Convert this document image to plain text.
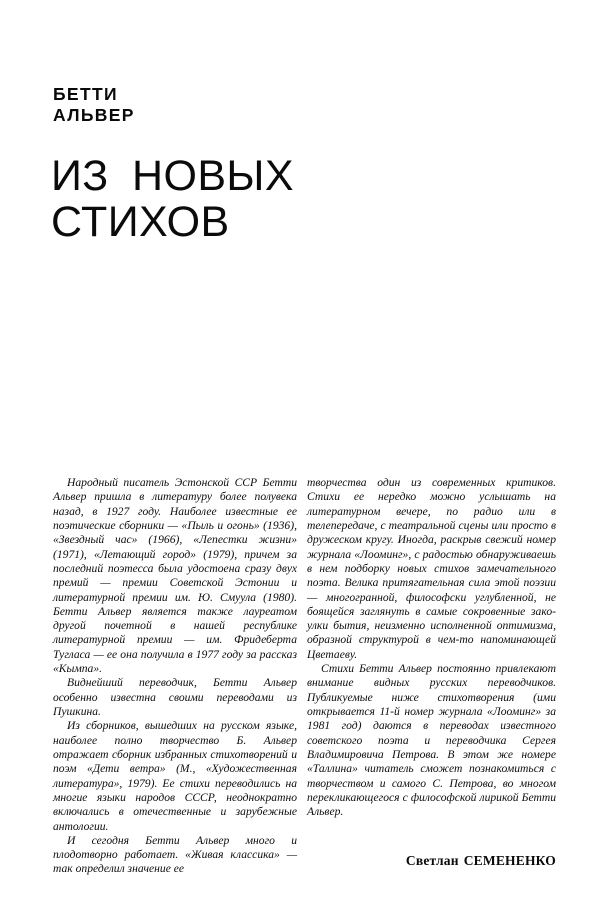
БЕТТИ
АЛЬВЕР
ИЗ НОВЫХ
СТИХОВ

Народный писатель Эстонской ССР Бетти Альвер пришла в литературу более полувека назад, в 1927 году. Наиболее известные ее поэтические сборники — «Пыль и огонь» (1936), «Звездный час» (1966), «Лепестки жизни» (1971), «Летающий город» (1979), причем за последний поэтесса была удостоена сразу двух премий — премии Советской Эстонии и литературной премии им. Ю. Смуула (1980). Бетти Альвер является также лауреатом другой почетной в нашей республике литературной премии — им. Фридеберта Тугласа — ее она получила в 1977 году за рассказ «Кымпа».

Виднейший переводчик, Бетти Альвер особенно известна своими переводами из Пушкина.

Из сборников, вышедших на русском языке, наиболее полно творчество Б. Альвер отражает сборник избранных стихотворений и поэм «Дети ветра» (М., «Художественная литература», 1979). Ее стихи переводились на многие языки народов СССР, неоднократно включались в отечественные и зарубежные антологии.

И сегодня Бетти Альвер много и плодотворно работает. «Живая классика» — так определил значение ее

творчества один из современных критиков. Стихи ее нередко можно услышать на литературном вечере, по радио или в телепередаче, с театральной сцены или просто в дружеском кругу. Иногда, раскрыв свежий номер журнала «Лооминг», с радостью обнаруживаешь в нем подборку новых стихов замечательного поэта. Велика притягательная сила этой поэзии — многогранной, философски углубленной, не боящейся заглянуть в самые сокровенные закоулки бытия, неизменно исполненной оптимизма, образной структурой в чем-то напоминающей Цветаеву.

Стихи Бетти Альвер постоянно привлекают внимание видных русских переводчиков. Публикуемые ниже стихотворения (ими открывается 11-й номер журнала «Лооминг» за 1981 год) даются в переводах известного советского поэта и переводчика Сергея Владимировича Петрова. В этом же номере «Таллина» читатель сможет познакомиться с творчеством и самого С. Петрова, во многом перекликающегося с философской лирикой Бетти Альвер.

Светлан СЕМЕНЕНКО
